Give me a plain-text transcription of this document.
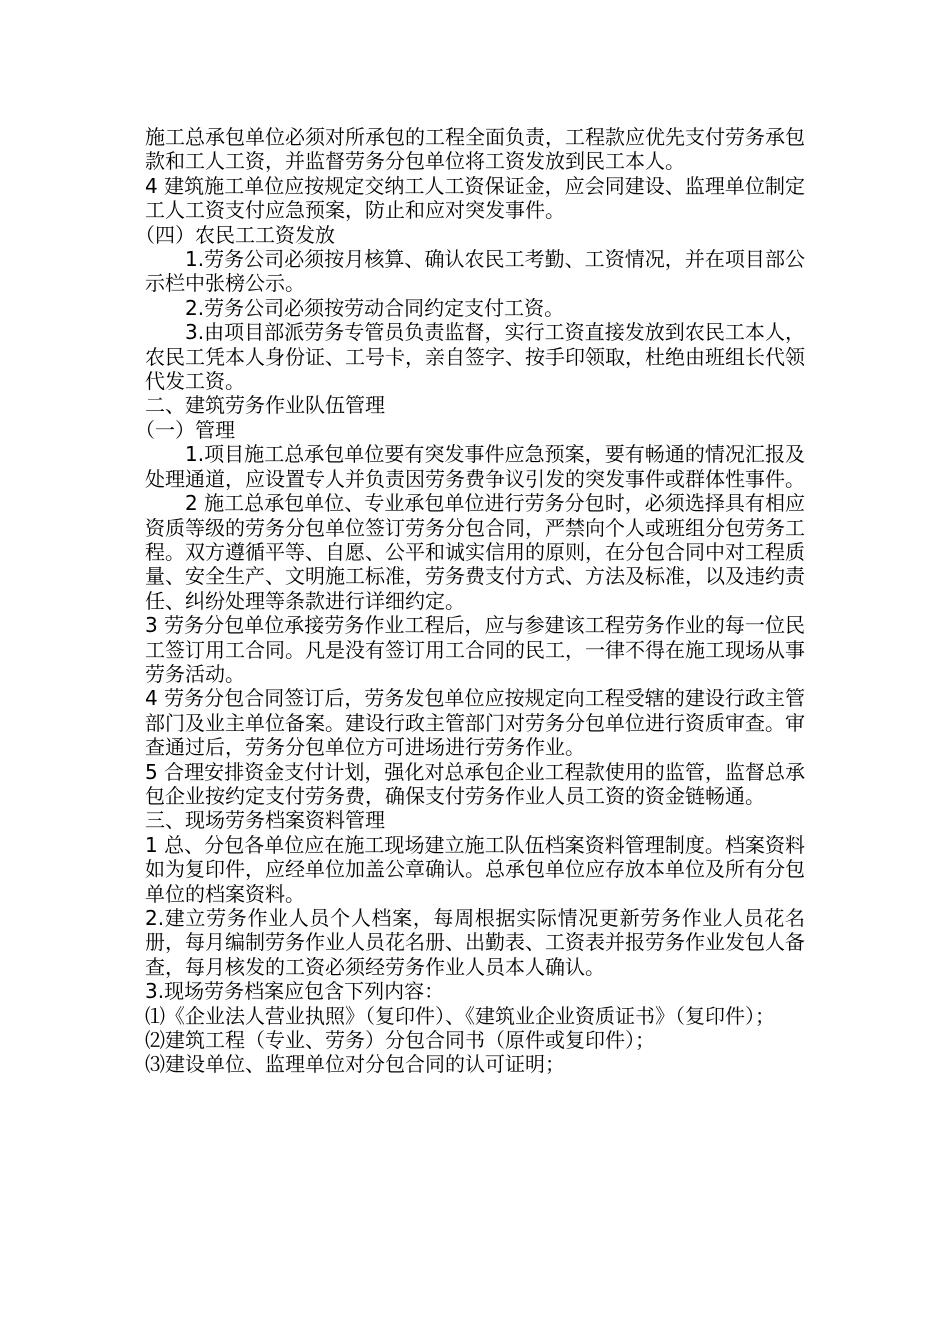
施工总承包单位必须对所承包的工程全面负责，工程款应优先支付劳务承包款和工人工资，并监督劳务分包单位将工资发放到民工本人。

4 建筑施工单位应按规定交纳工人工资保证金，应会同建设、监理单位制定工人工资支付应急预案，防止和应对突发事件。

（四）农民工工资发放

1.劳务公司必须按月核算、确认农民工考勤、工资情况，并在项目部公示栏中张榜公示。

2.劳务公司必须按劳动合同约定支付工资。

3.由项目部派劳务专管员负责监督，实行工资直接发放到农民工本人，农民工凭本人身份证、工号卡，亲自签字、按手印领取，杜绝由班组长代领代发工资。

二、建筑劳务作业队伍管理

（一）管理

1.项目施工总承包单位要有突发事件应急预案，要有畅通的情况汇报及处理通道，应设置专人并负责因劳务费争议引发的突发事件或群体性事件。

2 施工总承包单位、专业承包单位进行劳务分包时，必须选择具有相应资质等级的劳务分包单位签订劳务分包合同，严禁向个人或班组分包劳务工程。双方遵循平等、自愿、公平和诚实信用的原则，在分包合同中对工程质量、安全生产、文明施工标准，劳务费支付方式、方法及标准，以及违约责任、纠纷处理等条款进行详细约定。

3 劳务分包单位承接劳务作业工程后，应与参建该工程劳务作业的每一位民工签订用工合同。凡是没有签订用工合同的民工，一律不得在施工现场从事劳务活动。

4 劳务分包合同签订后，劳务发包单位应按规定向工程受辖的建设行政主管部门及业主单位备案。建设行政主管部门对劳务分包单位进行资质审查。审查通过后，劳务分包单位方可进场进行劳务作业。

5 合理安排资金支付计划，强化对总承包企业工程款使用的监管，监督总承包企业按约定支付劳务费，确保支付劳务作业人员工资的资金链畅通。

三、现场劳务档案资料管理

1 总、分包各单位应在施工现场建立施工队伍档案资料管理制度。档案资料如为复印件，应经单位加盖公章确认。总承包单位应存放本单位及所有分包单位的档案资料。

2.建立劳务作业人员个人档案，每周根据实际情况更新劳务作业人员花名册，每月编制劳务作业人员花名册、出勤表、工资表并报劳务作业发包人备查，每月核发的工资必须经劳务作业人员本人确认。

3.现场劳务档案应包含下列内容：

⑴《企业法人营业执照》（复印件）、《建筑业企业资质证书》（复印件）；

⑵建筑工程（专业、劳务）分包合同书（原件或复印件）；

⑶建设单位、监理单位对分包合同的认可证明；
